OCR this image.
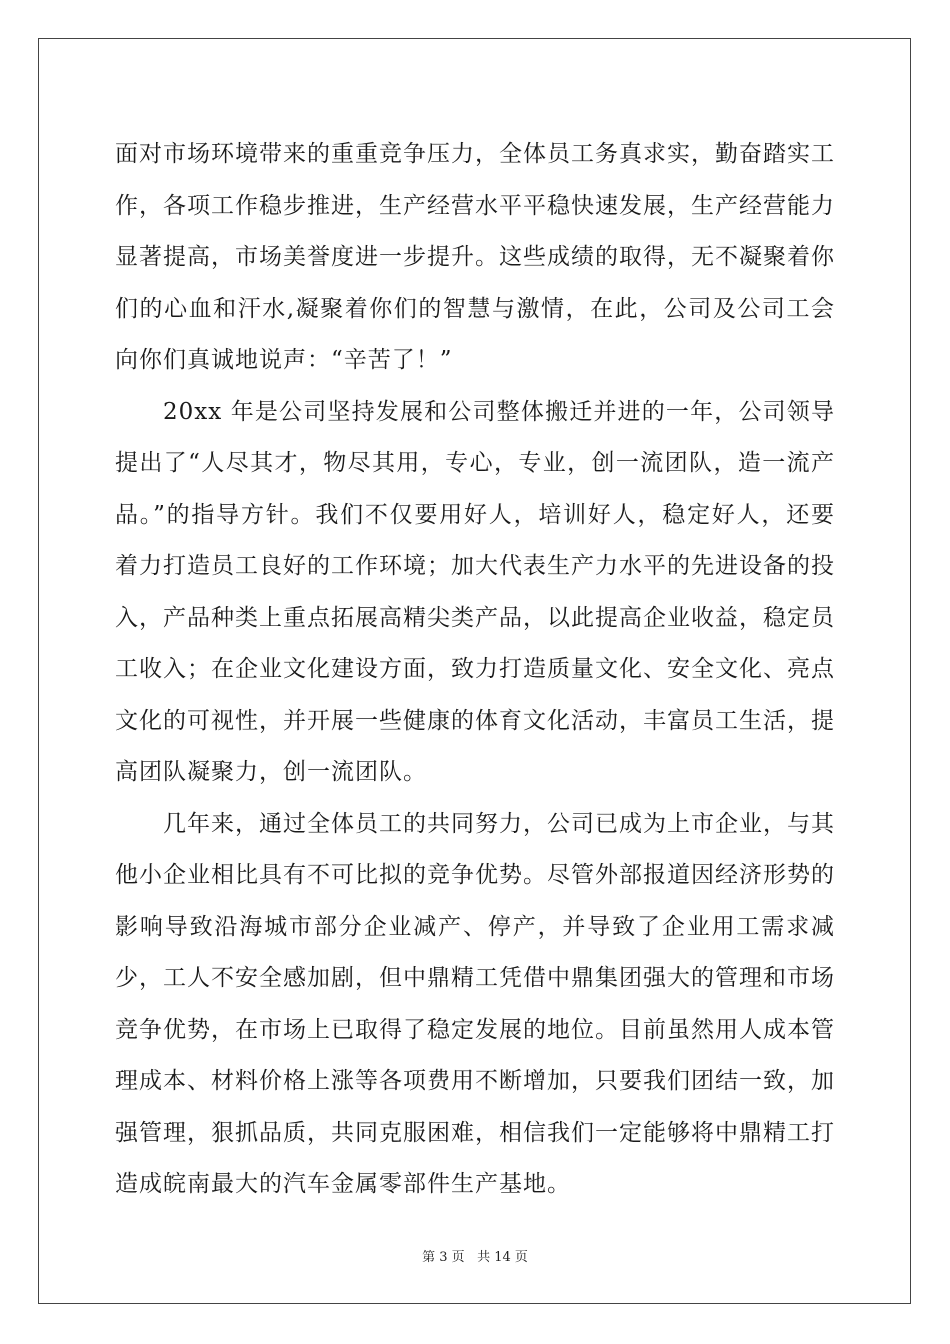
面对市场环境带来的重重竞争压力，全体员工务真求实，勤奋踏实工作，各项工作稳步推进，生产经营水平平稳快速发展，生产经营能力显著提高，市场美誉度进一步提升。这些成绩的取得，无不凝聚着你们的心血和汗水,凝聚着你们的智慧与激情，在此，公司及公司工会向你们真诚地说声：“辛苦了！”

20xx 年是公司坚持发展和公司整体搬迁并进的一年，公司领导提出了“人尽其才，物尽其用，专心，专业，创一流团队，造一流产品。”的指导方针。我们不仅要用好人，培训好人，稳定好人，还要着力打造员工良好的工作环境；加大代表生产力水平的先进设备的投入，产品种类上重点拓展高精尖类产品，以此提高企业收益，稳定员工收入；在企业文化建设方面，致力打造质量文化、安全文化、亮点文化的可视性，并开展一些健康的体育文化活动，丰富员工生活，提高团队凝聚力，创一流团队。

几年来，通过全体员工的共同努力，公司已成为上市企业，与其他小企业相比具有不可比拟的竞争优势。尽管外部报道因经济形势的影响导致沿海城市部分企业减产、停产，并导致了企业用工需求减少，工人不安全感加剧，但中鼎精工凭借中鼎集团强大的管理和市场竞争优势，在市场上已取得了稳定发展的地位。目前虽然用人成本管理成本、材料价格上涨等各项费用不断增加，只要我们团结一致，加强管理，狠抓品质，共同克服困难，相信我们一定能够将中鼎精工打造成皖南最大的汽车金属零部件生产基地。

第 3 页 共 14 页
